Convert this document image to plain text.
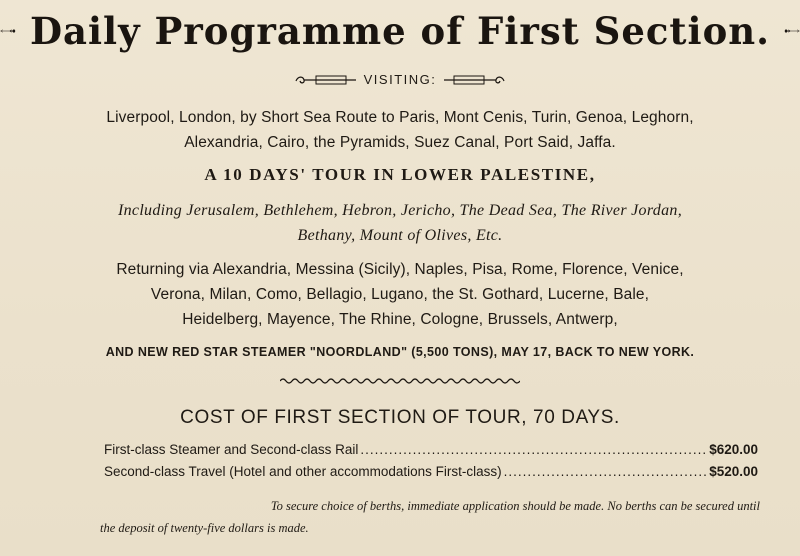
Daily Programme of First Section.
VISITING:
Liverpool, London, by Short Sea Route to Paris, Mont Cenis, Turin, Genoa, Leghorn,
Alexandria, Cairo, the Pyramids, Suez Canal, Port Said, Jaffa.
A 10 DAYS' TOUR IN LOWER PALESTINE,
Including Jerusalem, Bethlehem, Hebron, Jericho, The Dead Sea, The River Jordan,
Bethany, Mount of Olives, Etc.
Returning via Alexandria, Messina (Sicily), Naples, Pisa, Rome, Florence, Venice,
Verona, Milan, Como, Bellagio, Lugano, the St. Gothard, Lucerne, Bale,
Heidelberg, Mayence, The Rhine, Cologne, Brussels, Antwerp,
AND NEW RED STAR STEAMER "NOORDLAND" (5,500 TONS), MAY 17, BACK TO NEW YORK.
COST OF FIRST SECTION OF TOUR, 70 DAYS.
First-class Steamer and Second-class Rail .....	$620.00
Second-class Travel (Hotel and other accommodations First-class) .....	$520.00
To secure choice of berths, immediate application should be made. No berths can be secured until
the deposit of twenty-five dollars is made.
